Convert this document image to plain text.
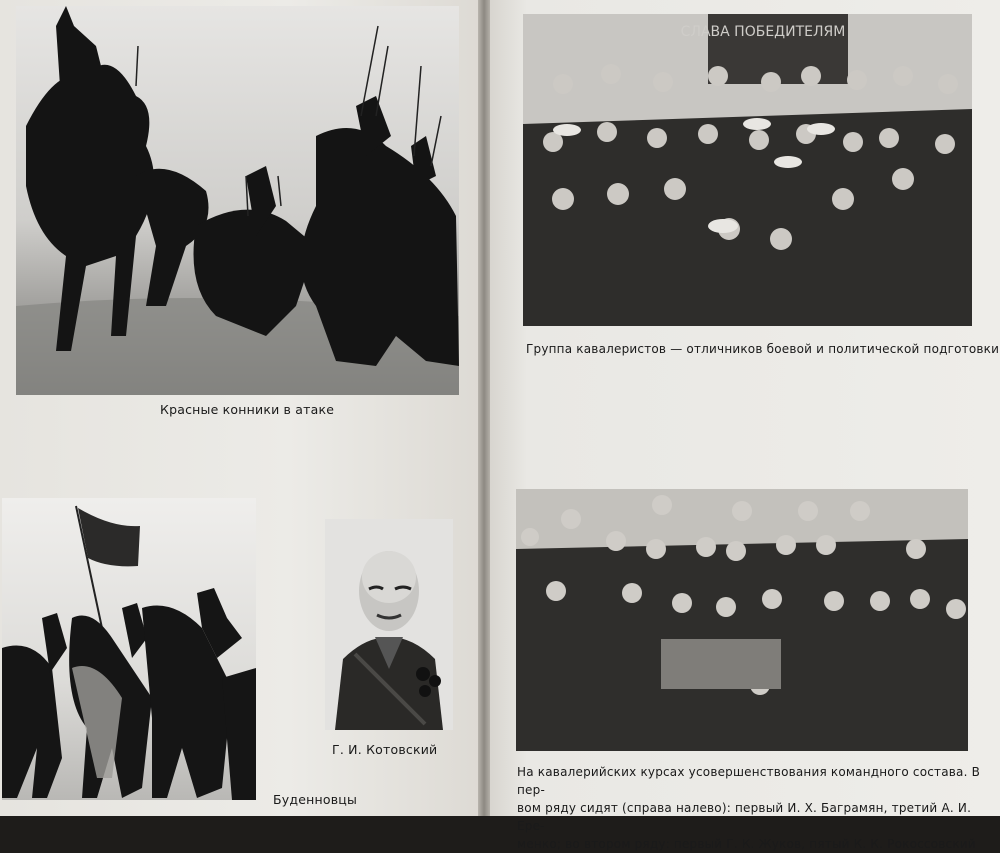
Красные конники в атаке
Буденновцы
Г. И. Котовский
СЛАВА ПОБЕДИТЕЛЯМ
Группа кавалеристов — отличников боевой и политической подготовки
На кавалерийских курсах усовершенствования командного состава. В пер-
вом ряду сидят (справа налево): первый И. Х. Баграмян, третий А. И. Ере-
менко; во втором ряду: первый Г. К. Жуков, пятый К. К. Рокоссовский
